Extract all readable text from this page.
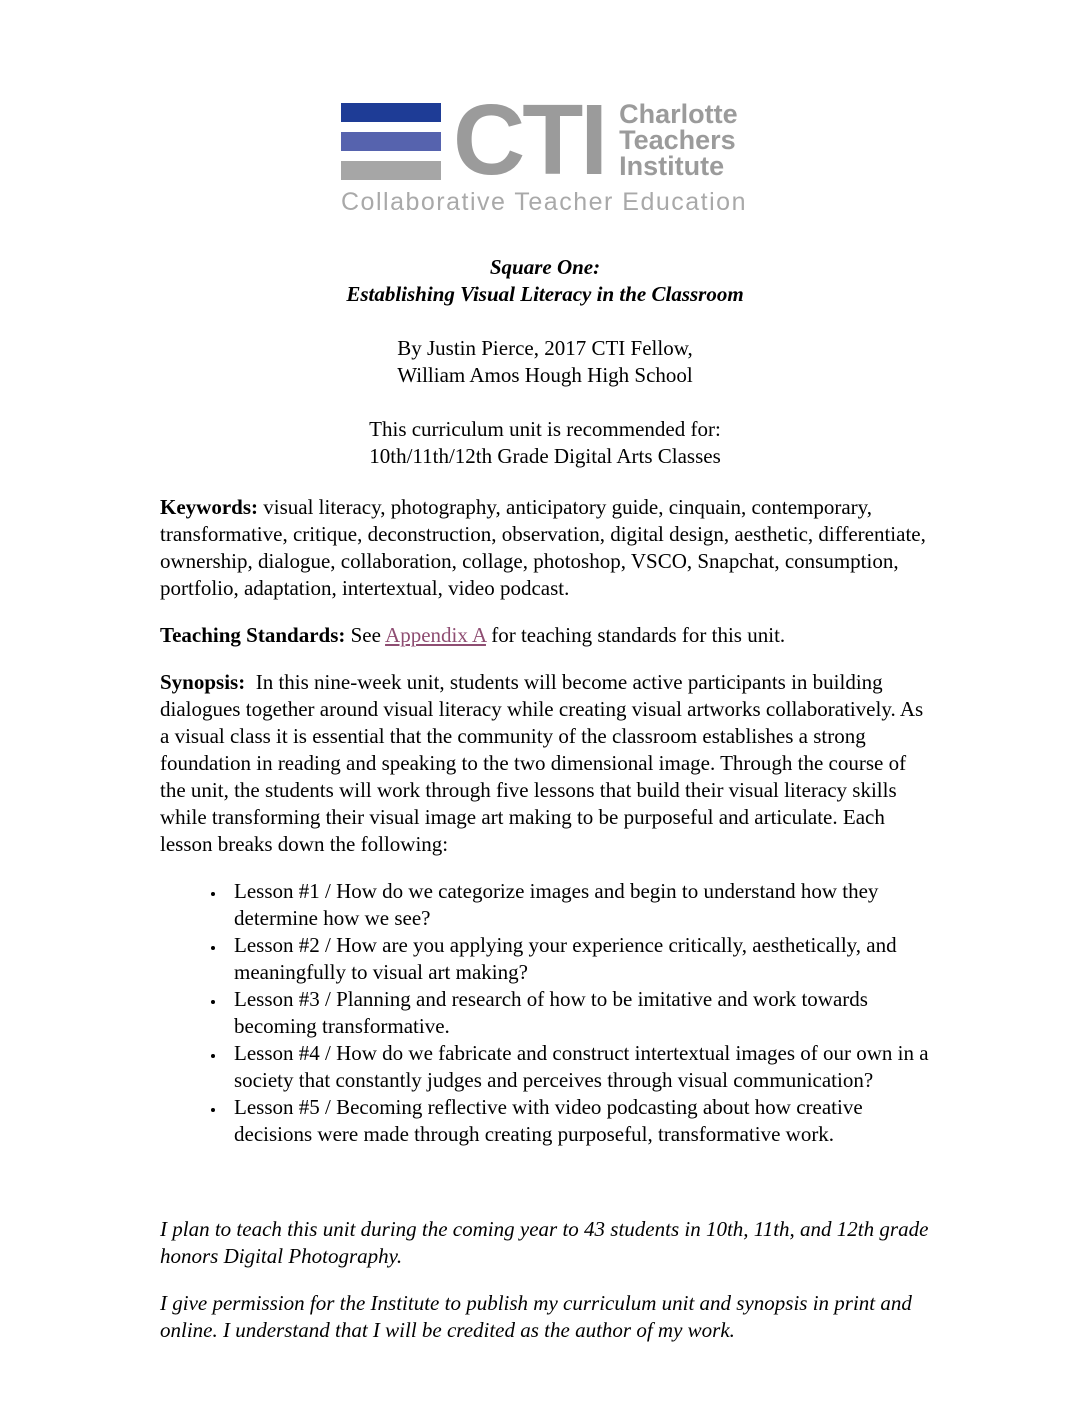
CTI Charlotte
Teachers
Institute
Collaborative Teacher Education
Square One:
Establishing Visual Literacy in the Classroom
By Justin Pierce, 2017 CTI Fellow,
William Amos Hough High School
This curriculum unit is recommended for:
10th/11th/12th Grade Digital Arts Classes

Keywords: visual literacy, photography, anticipatory guide, cinquain, contemporary, transformative, critique, deconstruction, observation, digital design, aesthetic, differentiate, ownership, dialogue, collaboration, collage, photoshop, VSCO, Snapchat, consumption, portfolio, adaptation, intertextual, video podcast.

Teaching Standards: See Appendix A for teaching standards for this unit.

Synopsis:  In this nine-week unit, students will become active participants in building dialogues together around visual literacy while creating visual artworks collaboratively. As a visual class it is essential that the community of the classroom establishes a strong foundation in reading and speaking to the two dimensional image. Through the course of the unit, the students will work through five lessons that build their visual literacy skills while transforming their visual image art making to be purposeful and articulate. Each lesson breaks down the following:

• Lesson #1 / How do we categorize images and begin to understand how they determine how we see?
• Lesson #2 / How are you applying your experience critically, aesthetically, and meaningfully to visual art making?
• Lesson #3 / Planning and research of how to be imitative and work towards becoming transformative.
• Lesson #4 / How do we fabricate and construct intertextual images of our own in a society that constantly judges and perceives through visual communication?
• Lesson #5 / Becoming reflective with video podcasting about how creative decisions were made through creating purposeful, transformative work.

I plan to teach this unit during the coming year to 43 students in 10th, 11th, and 12th grade honors Digital Photography.

I give permission for the Institute to publish my curriculum unit and synopsis in print and online. I understand that I will be credited as the author of my work.
